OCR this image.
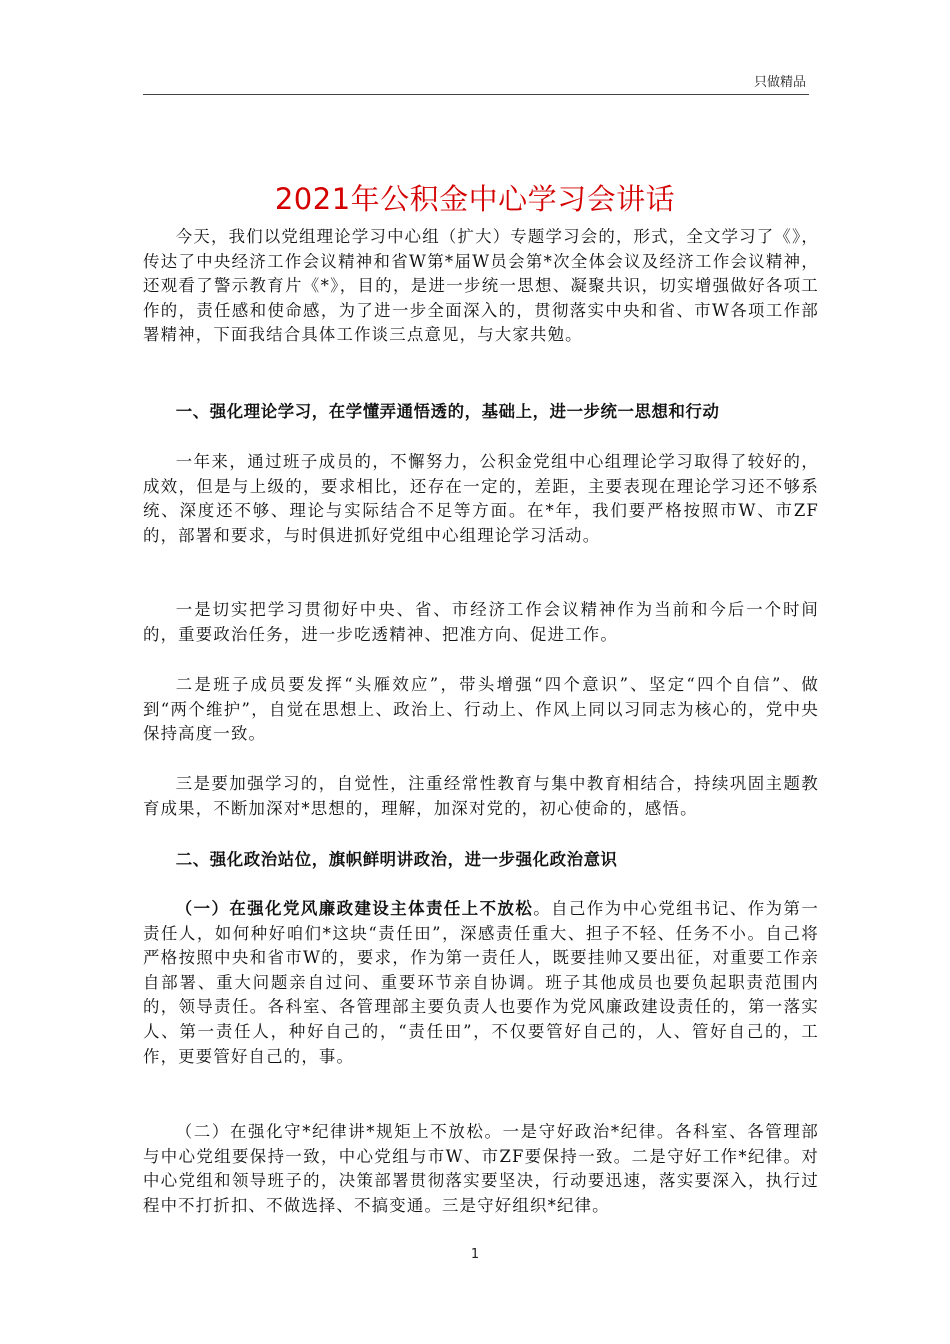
只做精品
2021年公积金中心学习会讲话

今天，我们以党组理论学习中心组（扩大）专题学习会的，形式，全文学习了《》，传达了中央经济工作会议精神和省W第*届W员会第*次全体会议及经济工作会议精神，还观看了警示教育片《*》，目的，是进一步统一思想、凝聚共识，切实增强做好各项工作的，责任感和使命感，为了进一步全面深入的，贯彻落实中央和省、市W各项工作部署精神，下面我结合具体工作谈三点意见，与大家共勉。

一、强化理论学习，在学懂弄通悟透的，基础上，进一步统一思想和行动

一年来，通过班子成员的，不懈努力，公积金党组中心组理论学习取得了较好的，成效，但是与上级的，要求相比，还存在一定的，差距，主要表现在理论学习还不够系统、深度还不够、理论与实际结合不足等方面。在*年，我们要严格按照市W、市ZF的，部署和要求，与时俱进抓好党组中心组理论学习活动。

一是切实把学习贯彻好中央、省、市经济工作会议精神作为当前和今后一个时间的，重要政治任务，进一步吃透精神、把准方向、促进工作。

二是班子成员要发挥“头雁效应”，带头增强“四个意识”、坚定“四个自信”、做到“两个维护”，自觉在思想上、政治上、行动上、作风上同以习同志为核心的，党中央保持高度一致。

三是要加强学习的，自觉性，注重经常性教育与集中教育相结合，持续巩固主题教育成果，不断加深对*思想的，理解，加深对党的，初心使命的，感悟。

二、强化政治站位，旗帜鲜明讲政治，进一步强化政治意识

（一）在强化党风廉政建设主体责任上不放松。自己作为中心党组书记、作为第一责任人，如何种好咱们*这块“责任田”，深感责任重大、担子不轻、任务不小。自己将严格按照中央和省市W的，要求，作为第一责任人，既要挂帅又要出征，对重要工作亲自部署、重大问题亲自过问、重要环节亲自协调。班子其他成员也要负起职责范围内的，领导责任。各科室、各管理部主要负责人也要作为党风廉政建设责任的，第一落实人、第一责任人，种好自己的，“责任田”，不仅要管好自己的，人、管好自己的，工作，更要管好自己的，事。

（二）在强化守*纪律讲*规矩上不放松。一是守好政治*纪律。各科室、各管理部与中心党组要保持一致，中心党组与市W、市ZF要保持一致。二是守好工作*纪律。对中心党组和领导班子的，决策部署贯彻落实要坚决，行动要迅速，落实要深入，执行过程中不打折扣、不做选择、不搞变通。三是守好组织*纪律。

1
